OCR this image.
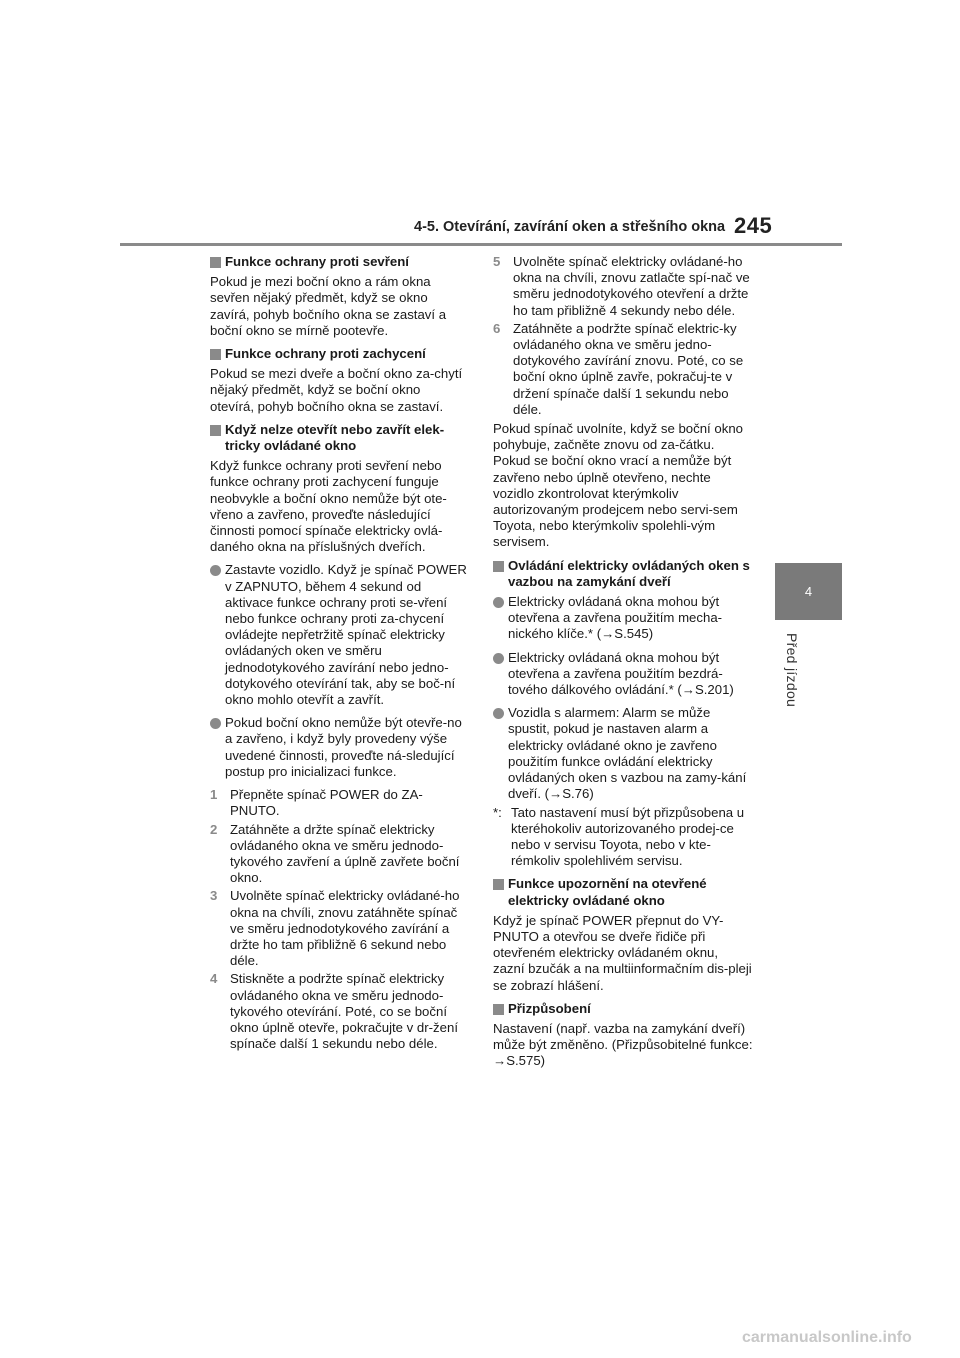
4-5. Otevírání, zavírání oken a střešního okna 245
4
Před jízdou
Funkce ochrany proti sevření
Pokud je mezi boční okno a rám okna sevřen nějaký předmět, když se okno zavírá, pohyb bočního okna se zastaví a boční okno se mírně pootevře.
Funkce ochrany proti zachycení
Pokud se mezi dveře a boční okno za-chytí nějaký předmět, když se boční okno otevírá, pohyb bočního okna se zastaví.
Když nelze otevřít nebo zavřít elek-tricky ovládané okno
Když funkce ochrany proti sevření nebo funkce ochrany proti zachycení funguje neobvykle a boční okno nemůže být ote-vřeno a zavřeno, proveďte následující činnosti pomocí spínače elektricky ovlá-daného okna na příslušných dveřích.
Zastavte vozidlo. Když je spínač POWER v ZAPNUTO, během 4 sekund od aktivace funkce ochrany proti se-vření nebo funkce ochrany proti za-chycení ovládejte nepřetržitě spínač elektricky ovládaných oken ve směru jednodotykového zavírání nebo jedno-dotykového otevírání tak, aby se boč-ní okno mohlo otevřít a zavřít.
Pokud boční okno nemůže být otevře-no a zavřeno, i když byly provedeny výše uvedené činnosti, proveďte ná-sledující postup pro inicializaci funkce.
1 Přepněte spínač POWER do ZA-PNUTO.
2 Zatáhněte a držte spínač elektricky ovládaného okna ve směru jednodo-tykového zavření a úplně zavřete boční okno.
3 Uvolněte spínač elektricky ovládané-ho okna na chvíli, znovu zatáhněte spínač ve směru jednodotykového zavírání a držte ho tam přibližně 6 sekund nebo déle.
4 Stiskněte a podržte spínač elektricky ovládaného okna ve směru jednodo-tykového otevírání. Poté, co se boční okno úplně otevře, pokračujte v dr-žení spínače další 1 sekundu nebo déle.
5 Uvolněte spínač elektricky ovládané-ho okna na chvíli, znovu zatlačte spí-nač ve směru jednodotykového otevření a držte ho tam přibližně 4 sekundy nebo déle.
6 Zatáhněte a podržte spínač elektric-ky ovládaného okna ve směru jedno-dotykového zavírání znovu. Poté, co se boční okno úplně zavře, pokračuj-te v držení spínače další 1 sekundu nebo déle.
Pokud spínač uvolníte, když se boční okno pohybuje, začněte znovu od za-čátku.
Pokud se boční okno vrací a nemůže být zavřeno nebo úplně otevřeno, nechte vozidlo zkontrolovat kterýmkoliv autorizovaným prodejcem nebo servi-sem Toyota, nebo kterýmkoliv spolehli-vým servisem.
Ovládání elektricky ovládaných oken s vazbou na zamykání dveří
Elektricky ovládaná okna mohou být otevřena a zavřena použitím mecha-nického klíče.* (→S.545)
Elektricky ovládaná okna mohou být otevřena a zavřena použitím bezdrá-tového dálkového ovládání.* (→S.201)
Vozidla s alarmem: Alarm se může spustit, pokud je nastaven alarm a elektricky ovládané okno je zavřeno použitím funkce ovládání elektricky ovládaných oken s vazbou na zamy-kání dveří. (→S.76)
*: Tato nastavení musí být přizpůsobena u kteréhokoliv autorizovaného prodej-ce nebo v servisu Toyota, nebo v kte-rémkoliv spolehlivém servisu.
Funkce upozornění na otevřené elektricky ovládané okno
Když je spínač POWER přepnut do VY-PNUTO a otevřou se dveře řidiče při otevřeném elektricky ovládaném oknu, zazní bzučák a na multiinformačním dis-pleji se zobrazí hlášení.
Přizpůsobení
Nastavení (např. vazba na zamykání dveří) může být změněno. (Přizpůsobitelné funkce: →S.575)
carmanualsonline.info
